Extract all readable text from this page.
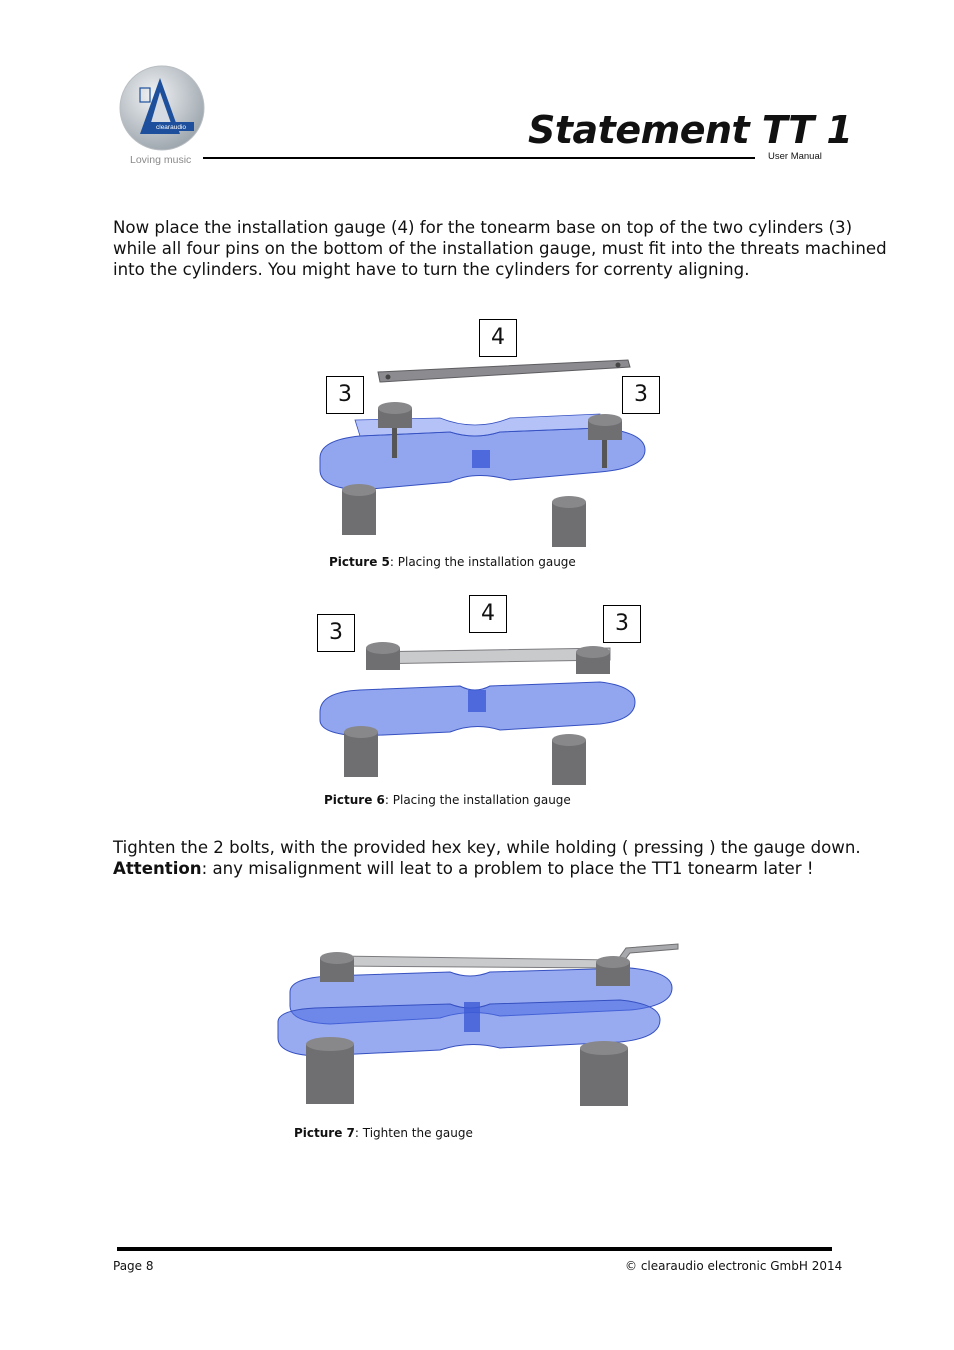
clearaudio
Loving music
Statement TT 1
User Manual
Now place the installation gauge (4) for the tonearm base on top of the two cylinders (3)
while all four pins on the bottom of the installation gauge, must fit into the threats machined
into the cylinders. You might have to turn the cylinders for correnty aligning.
4
3	3
Picture 5: Placing the installation gauge
4
3	3
Picture 6: Placing the installation gauge
Tighten the 2 bolts, with the provided hex key, while holding ( pressing ) the gauge down.
Attention: any misalignment will leat to a problem to place the TT1 tonearm later !
Picture 7: Tighten the gauge
Page 8	© clearaudio electronic GmbH 2014
